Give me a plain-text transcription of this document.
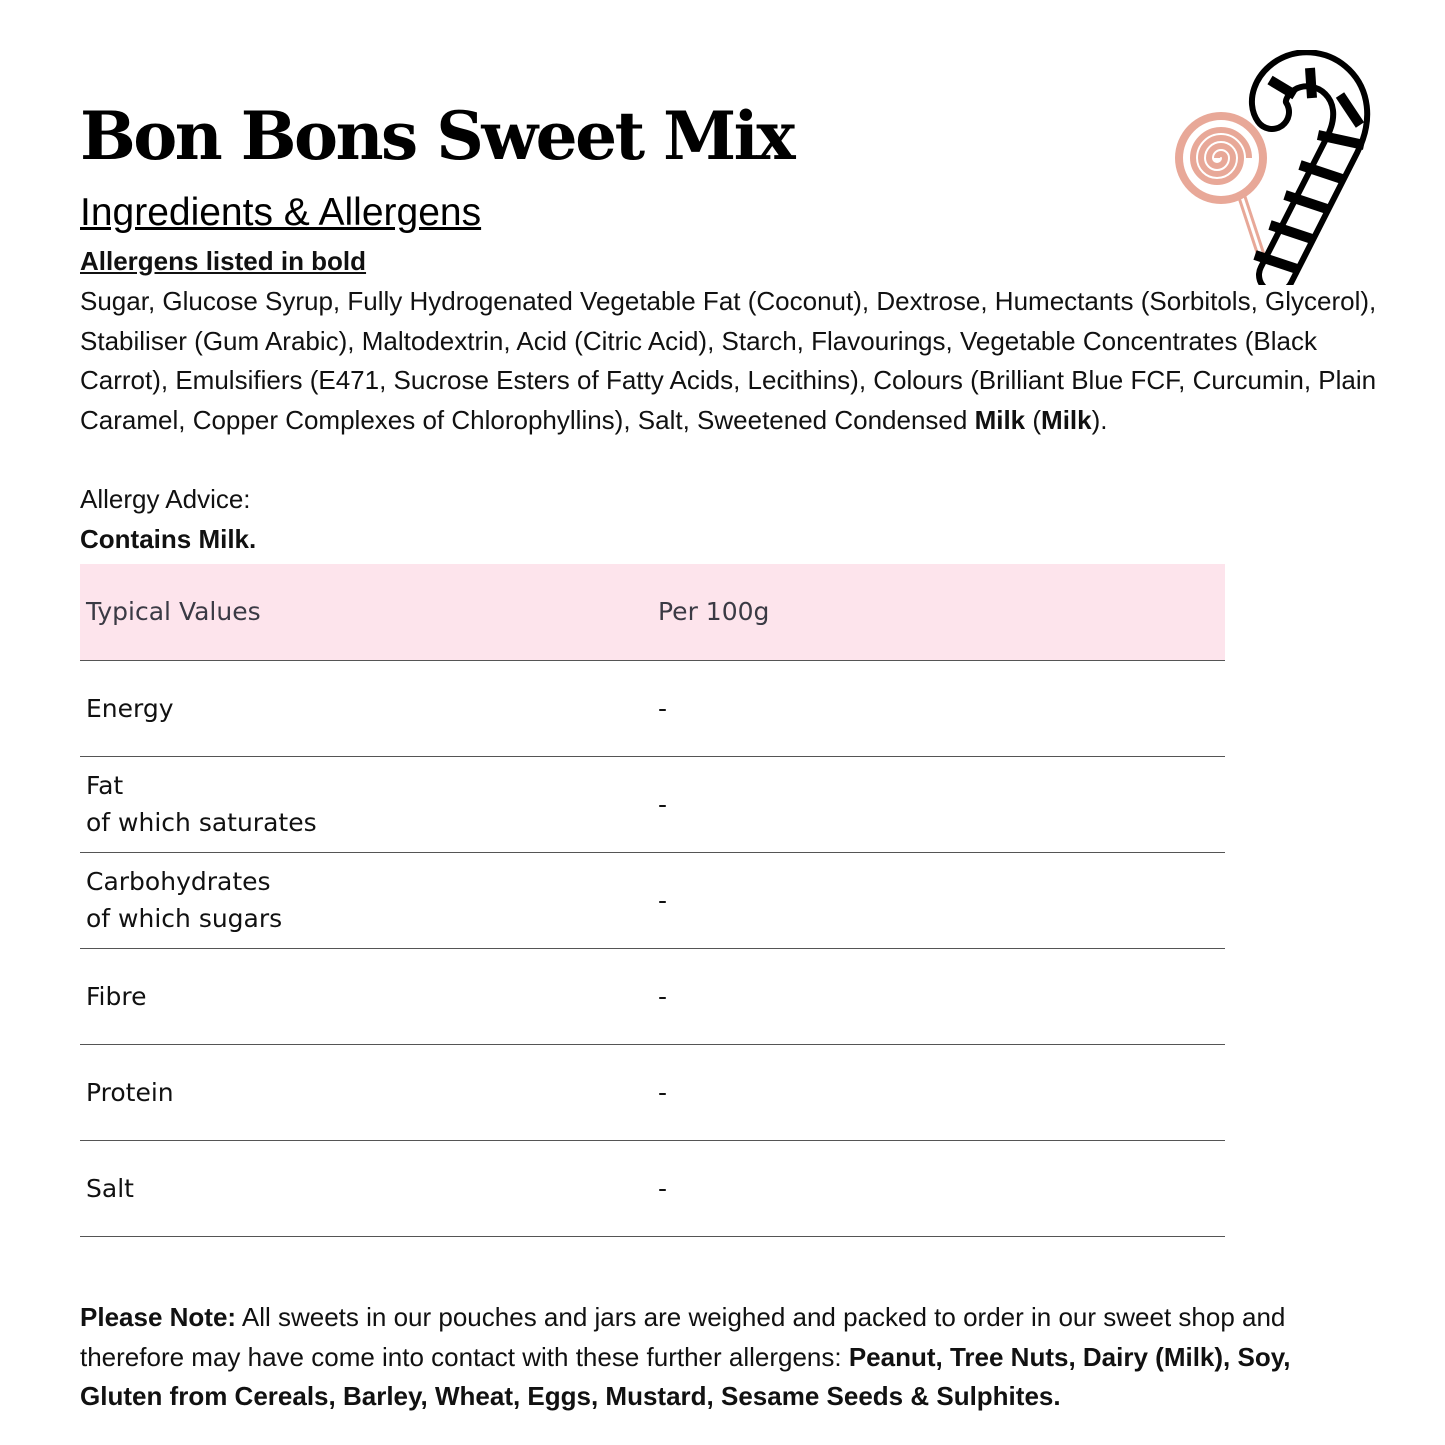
Bon Bons Sweet Mix
Ingredients & Allergens
Allergens listed in bold
Sugar, Glucose Syrup, Fully Hydrogenated Vegetable Fat (Coconut), Dextrose, Humectants (Sorbitols, Glycerol), Stabiliser (Gum Arabic), Maltodextrin, Acid (Citric Acid), Starch, Flavourings, Vegetable Concentrates (Black Carrot), Emulsifiers (E471, Sucrose Esters of Fatty Acids, Lecithins), Colours (Brilliant Blue FCF, Curcumin, Plain Caramel, Copper Complexes of Chlorophyllins), Salt, Sweetened Condensed Milk (Milk).
Allergy Advice:
Contains Milk.
Typical Values	Per 100g

Energy	-

Fat
of which saturates	-

Carbohydrates
of which sugars	-

Fibre	-

Protein	-

Salt	-
Please Note: All sweets in our pouches and jars are weighed and packed to order in our sweet shop and therefore may have come into contact with these further allergens: Peanut, Tree Nuts, Dairy (Milk), Soy, Gluten from Cereals, Barley, Wheat, Eggs, Mustard, Sesame Seeds & Sulphites.
